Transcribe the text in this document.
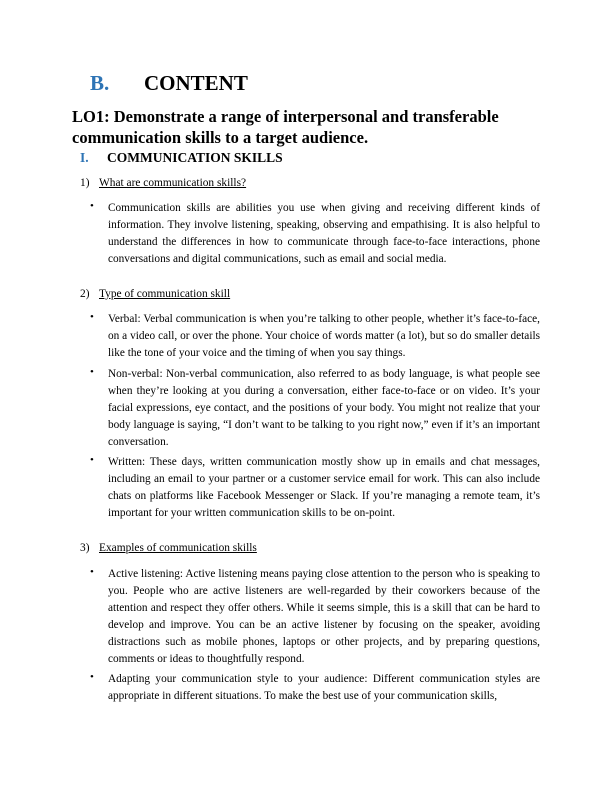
B. CONTENT
LO1: Demonstrate a range of interpersonal and transferable communication skills to a target audience.
I. COMMUNICATION SKILLS
1) What are communication skills?
• Communication skills are abilities you use when giving and receiving different kinds of information. They involve listening, speaking, observing and empathising. It is also helpful to understand the differences in how to communicate through face-to-face interactions, phone conversations and digital communications, such as email and social media.
2) Type of communication skill
• Verbal: Verbal communication is when you’re talking to other people, whether it’s face-to-face, on a video call, or over the phone. Your choice of words matter (a lot), but so do smaller details like the tone of your voice and the timing of when you say things.
• Non-verbal: Non-verbal communication, also referred to as body language, is what people see when they’re looking at you during a conversation, either face-to-face or on video. It’s your facial expressions, eye contact, and the positions of your body. You might not realize that your body language is saying, “I don’t want to be talking to you right now,” even if it’s an important conversation.
• Written: These days, written communication mostly show up in emails and chat messages, including an email to your partner or a customer service email for work. This can also include chats on platforms like Facebook Messenger or Slack. If you’re managing a remote team, it’s important for your written communication skills to be on-point.
3) Examples of communication skills
• Active listening: Active listening means paying close attention to the person who is speaking to you. People who are active listeners are well-regarded by their coworkers because of the attention and respect they offer others. While it seems simple, this is a skill that can be hard to develop and improve. You can be an active listener by focusing on the speaker, avoiding distractions such as mobile phones, laptops or other projects, and by preparing questions, comments or ideas to thoughtfully respond.
• Adapting your communication style to your audience: Different communication styles are appropriate in different situations. To make the best use of your communication skills,
